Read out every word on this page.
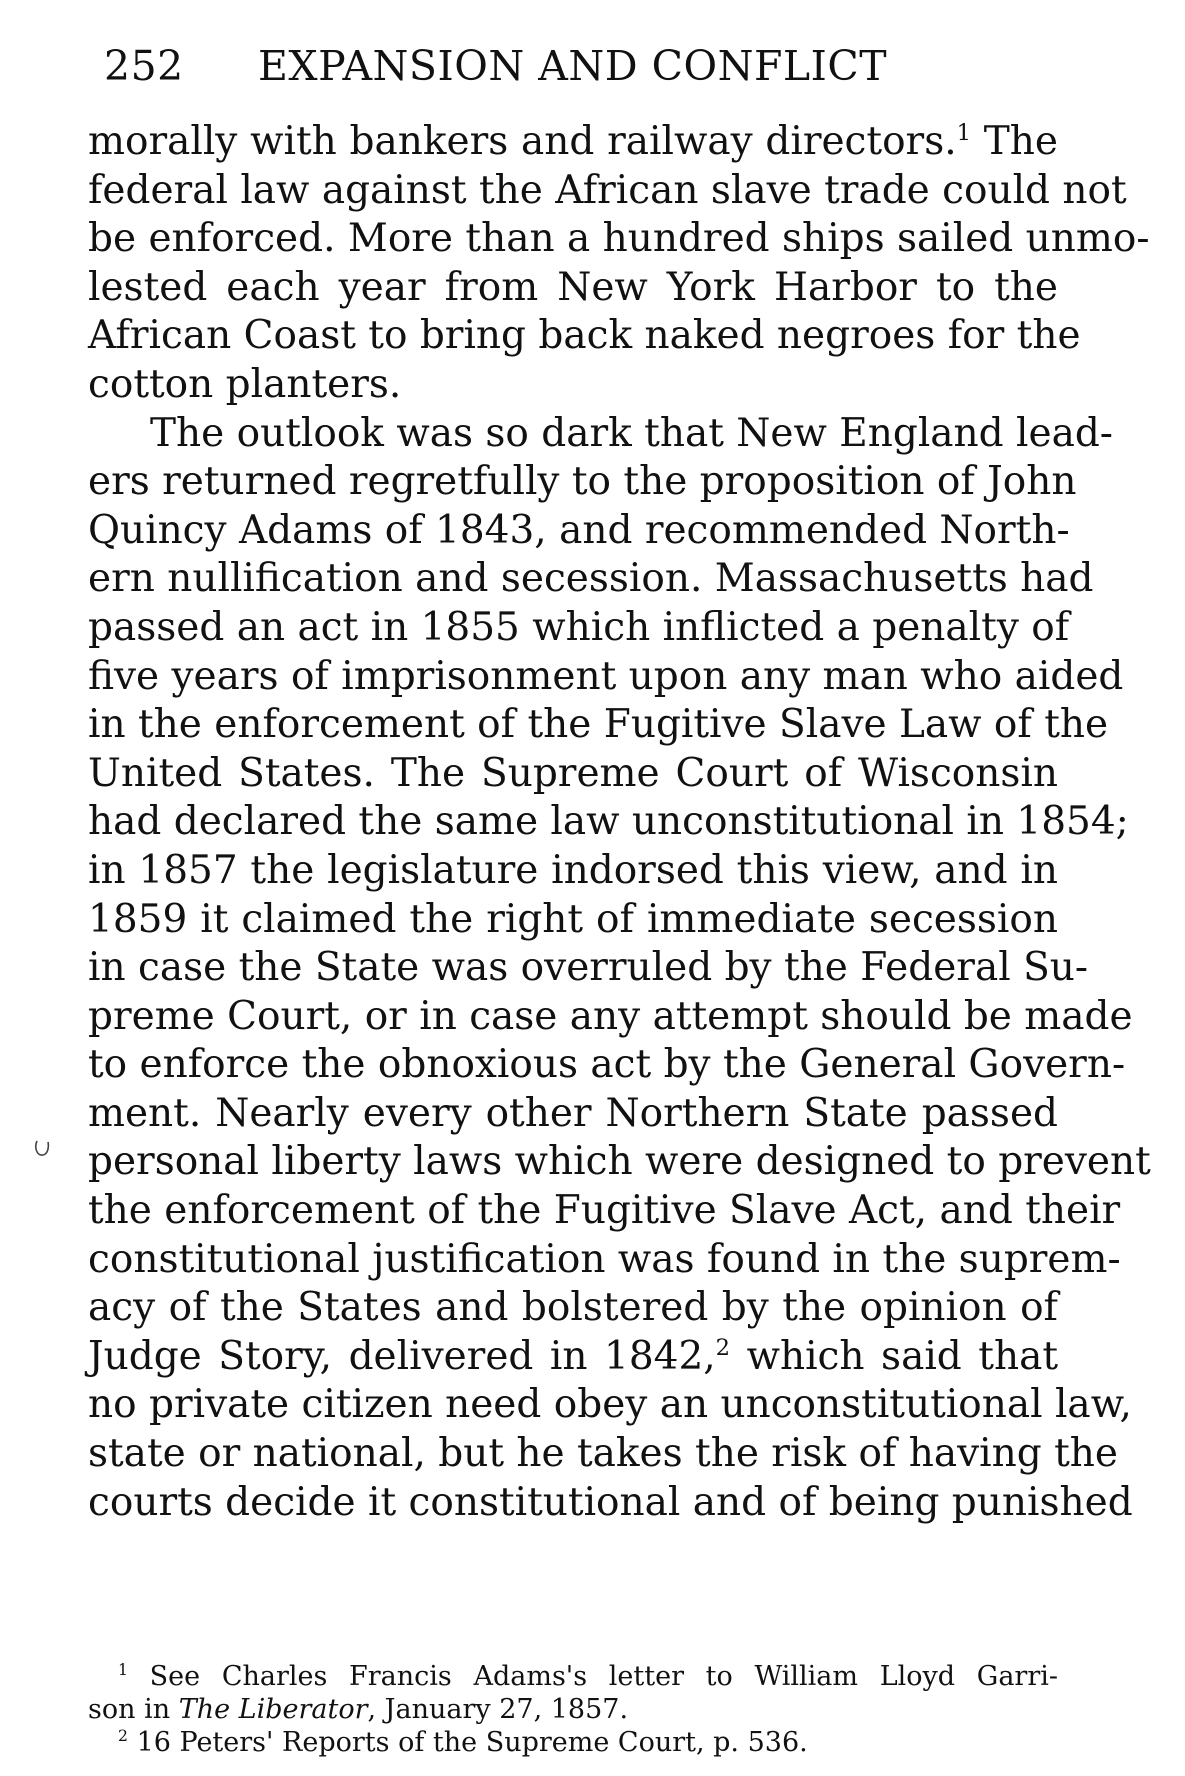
252 EXPANSION AND CONFLICT
morally with bankers and railway directors.$^1$ The
federal law against the African slave trade could not
be enforced. More than a hundred ships sailed unmo-
lested each year from New York Harbor to the
African Coast to bring back naked negroes for the
cotton planters.
The outlook was so dark that New England lead-
ers returned regretfully to the proposition of John
Quincy Adams of 1843, and recommended North-
ern nullification and secession. Massachusetts had
passed an act in 1855 which inflicted a penalty of
five years of imprisonment upon any man who aided
in the enforcement of the Fugitive Slave Law of the
United States. The Supreme Court of Wisconsin
had declared the same law unconstitutional in 1854;
in 1857 the legislature indorsed this view, and in
1859 it claimed the right of immediate secession
in case the State was overruled by the Federal Su-
preme Court, or in case any attempt should be made
to enforce the obnoxious act by the General Govern-
ment. Nearly every other Northern State passed
personal liberty laws which were designed to prevent
the enforcement of the Fugitive Slave Act, and their
constitutional justification was found in the suprem-
acy of the States and bolstered by the opinion of
Judge Story, delivered in 1842,$^2$ which said that
no private citizen need obey an unconstitutional law,
state or national, but he takes the risk of having the
courts decide it constitutional and of being punished
$^1$ See Charles Francis Adams's letter to William Lloyd Garri-
son in The Liberator, January 27, 1857.
$^2$ 16 Peters' Reports of the Supreme Court, p. 536.
